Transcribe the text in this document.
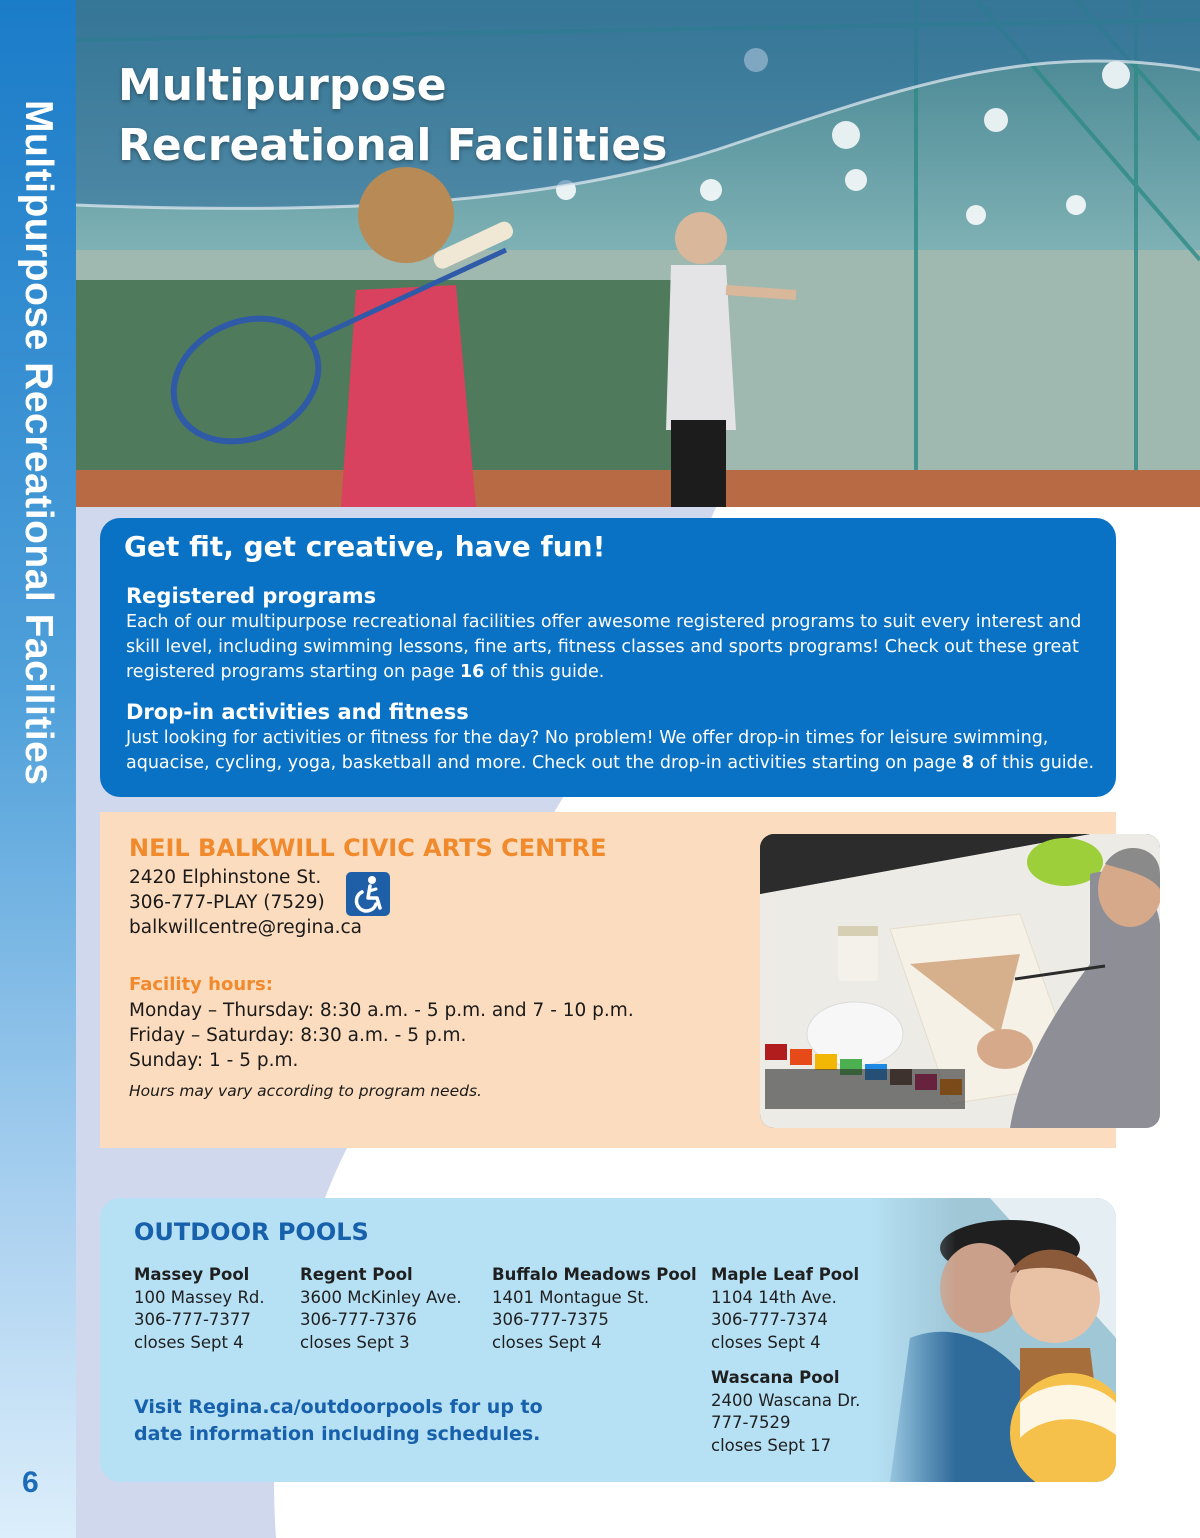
Multipurpose Recreational Facilities
6
Multipurpose Recreational Facilities
Get fit, get creative, have fun!
Registered programs

Each of our multipurpose recreational facilities offer awesome registered programs to suit every interest and skill level, including swimming lessons, fine arts, fitness classes and sports programs! Check out these great registered programs starting on page 16 of this guide.

Drop-in activities and fitness

Just looking for activities or fitness for the day? No problem! We offer drop-in times for leisure swimming, aquacise, cycling, yoga, basketball and more. Check out the drop-in activities starting on page 8 of this guide.

NEIL BALKWILL CIVIC ARTS CENTRE
2420 Elphinstone St.
306-777-PLAY (7529)
balkwillcentre@regina.ca
Facility hours:
Monday – Thursday: 8:30 a.m. - 5 p.m. and 7 - 10 p.m.
Friday – Saturday: 8:30 a.m. - 5 p.m.
Sunday: 1 - 5 p.m.
Hours may vary according to program needs.
OUTDOOR POOLS
Massey Pool
100 Massey Rd.
306-777-7377
closes Sept 4
Regent Pool
3600 McKinley Ave.
306-777-7376
closes Sept 3
Buffalo Meadows Pool
1401 Montague St.
306-777-7375
closes Sept 4
Maple Leaf Pool
1104 14th Ave.
306-777-7374
closes Sept 4
Wascana Pool
2400 Wascana Dr.
777-7529
closes Sept 17
Visit Regina.ca/outdoorpools for up to date information including schedules.
